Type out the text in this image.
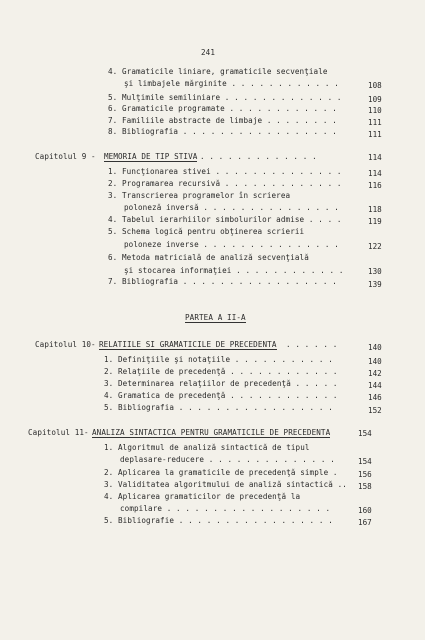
241
4. Gramaticile liniare, gramaticile secvenţiale
şi limbajele mărginite . . . . . . . . . . . .	108
5. Mulţimile semiliniare . . . . . . . . . . . . .	109
6. Gramaticile programate . . . . . . . . . . . .	110
7. Familiile abstracte de limbaje . . . . . . . .	111
8. Bibliografia . . . . . . . . . . . . . . . . .	111
Capitolul 9 - MEMORIA DE TIP STIVA . . . . . . . . . . . . .	114
1. Funcţionarea stivei . . . . . . . . . . . . . .	114
2. Programarea recursivă . . . . . . . . . . . . .	116
3. Transcrierea programelor în scrierea
poloneză inversă . . . . . . . . . . . . . . .	118
4. Tabelul ierarhiilor simbolurilor admise . . . .	119
5. Schema logică pentru obţinerea scrierii
poloneze inverse . . . . . . . . . . . . . . .	122
6. Metoda matricială de analiză secvenţială
şi stocarea informaţiei . . . . . . . . . . . .	130
7. Bibliografia . . . . . . . . . . . . . . . . .	139
PARTEA A II-A
Capitolul 10- RELATIILE SI GRAMATICILE DE PRECEDENTA . . . . . .	140
1. Definiţiile şi notaţiile . . . . . . . . . . .	140
2. Relaţiile de precedenţă . . . . . . . . . . . .	142
3. Determinarea relaţiilor de precedenţă . . . . .	144
4. Gramatica de precedenţă . . . . . . . . . . . .	146
5. Bibliografia . . . . . . . . . . . . . . . . .	152
Capitolul 11- ANALIZA SINTACTICA PENTRU GRAMATICILE DE PRECEDENTA	154
1. Algoritmul de analiză sintactică de tipul
deplasare-reducere . . . . . . . . . . . . . .	154
2. Aplicarea la gramaticile de precedenţă simple .	156
3. Validitatea algoritmului de analiză sintactică .. 158
4. Aplicarea gramaticilor de precedenţă la
compilare . . . . . . . . . . . . . . . . . .	160
5. Bibliografie . . . . . . . . . . . . . . . . .	167
